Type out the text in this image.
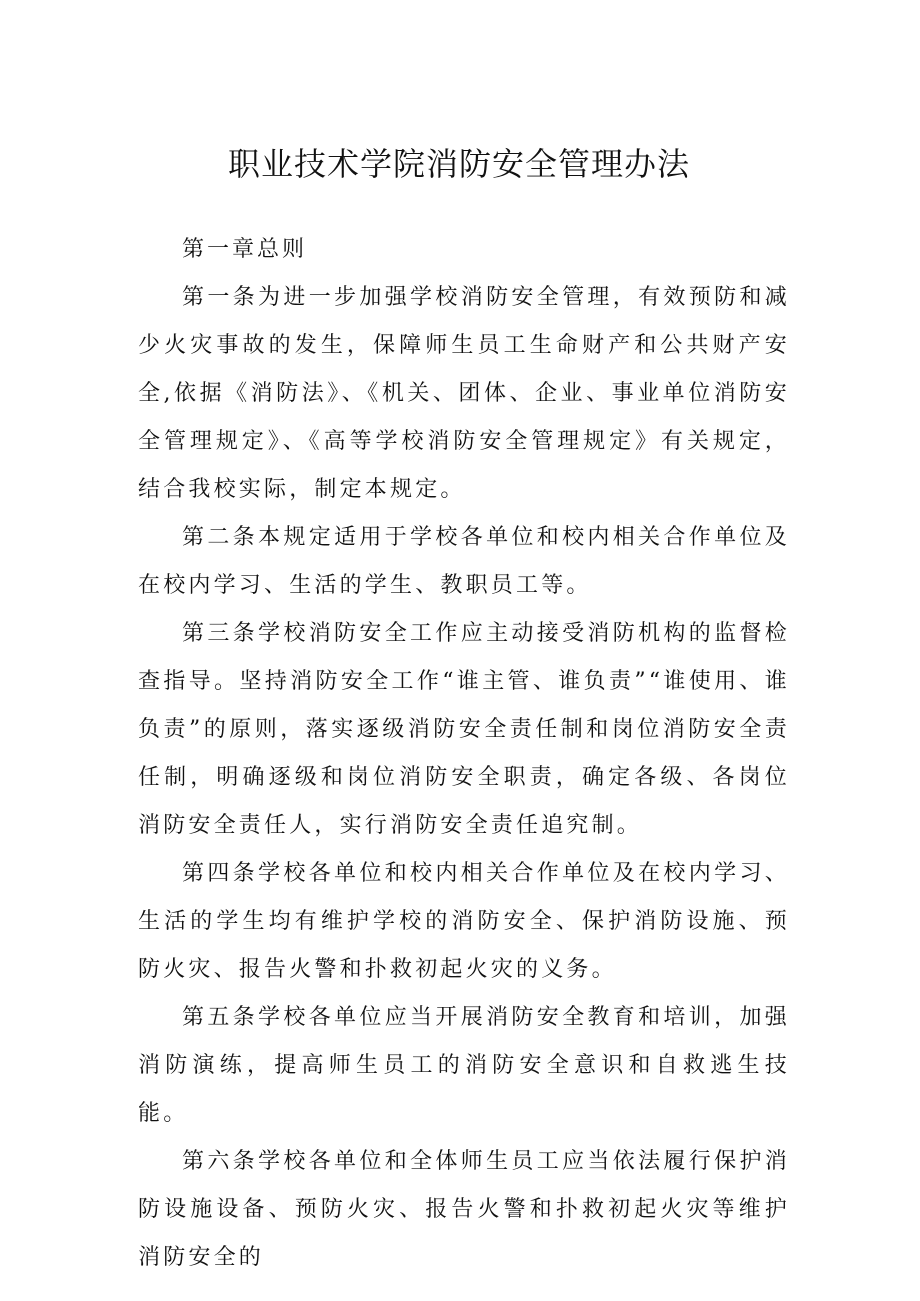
职业技术学院消防安全管理办法

第一章总则

第一条为进一步加强学校消防安全管理，有效预防和减少火灾事故的发生，保障师生员工生命财产和公共财产安全,依据《消防法》、《机关、团体、企业、事业单位消防安全管理规定》、《高等学校消防安全管理规定》有关规定，结合我校实际，制定本规定。

第二条本规定适用于学校各单位和校内相关合作单位及在校内学习、生活的学生、教职员工等。

第三条学校消防安全工作应主动接受消防机构的监督检查指导。坚持消防安全工作“谁主管、谁负责”“谁使用、谁负责”的原则，落实逐级消防安全责任制和岗位消防安全责任制，明确逐级和岗位消防安全职责，确定各级、各岗位消防安全责任人，实行消防安全责任追究制。

第四条学校各单位和校内相关合作单位及在校内学习、生活的学生均有维护学校的消防安全、保护消防设施、预防火灾、报告火警和扑救初起火灾的义务。

第五条学校各单位应当开展消防安全教育和培训，加强消防演练，提高师生员工的消防安全意识和自救逃生技能。

第六条学校各单位和全体师生员工应当依法履行保护消防设施设备、预防火灾、报告火警和扑救初起火灾等维护消防安全的
